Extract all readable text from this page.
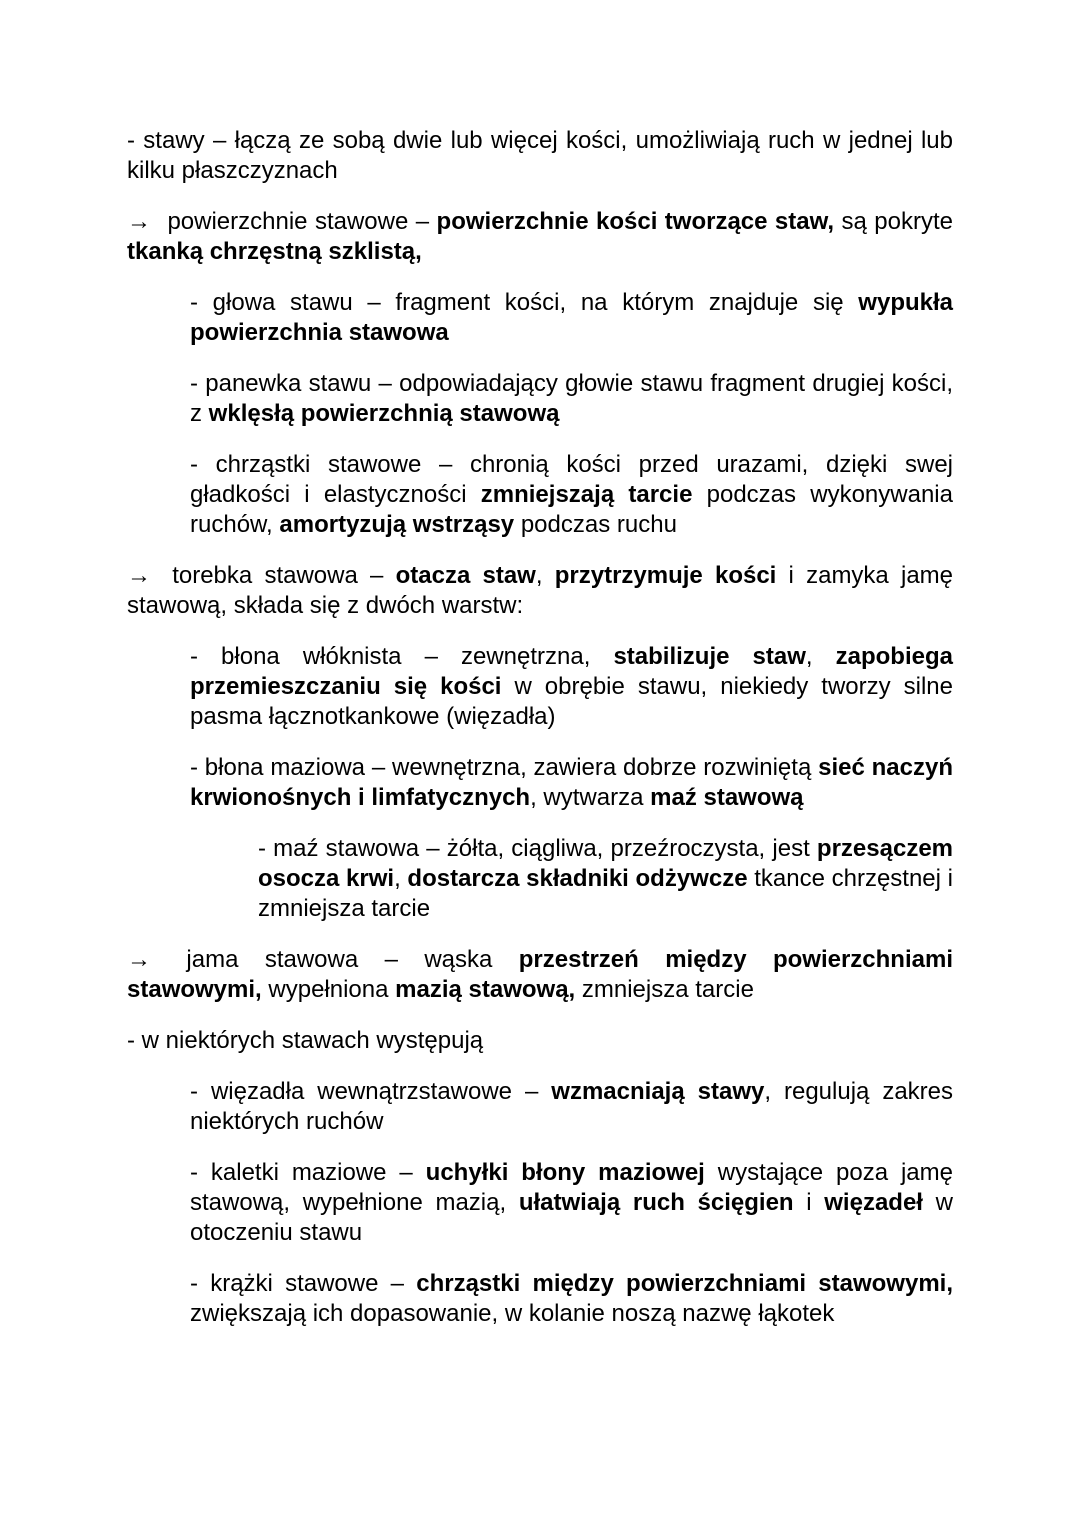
- stawy – łączą ze sobą dwie lub więcej kości, umożliwiają ruch w jednej lub kilku płaszczyznach

→ powierzchnie stawowe – powierzchnie kości tworzące staw, są pokryte tkanką chrzęstną szklistą,

- głowa stawu – fragment kości, na którym znajduje się wypukła powierzchnia stawowa

- panewka stawu – odpowiadający głowie stawu fragment drugiej kości, z wklęsłą powierzchnią stawową

- chrząstki stawowe – chronią kości przed urazami, dzięki swej gładkości i elastyczności zmniejszają tarcie podczas wykonywania ruchów, amortyzują wstrząsy podczas ruchu

→ torebka stawowa – otacza staw, przytrzymuje kości i zamyka jamę stawową, składa się z dwóch warstw:

- błona włóknista – zewnętrzna, stabilizuje staw, zapobiega przemieszczaniu się kości w obrębie stawu, niekiedy tworzy silne pasma łącznotkankowe (więzadła)

- błona maziowa – wewnętrzna, zawiera dobrze rozwiniętą sieć naczyń krwionośnych i limfatycznych, wytwarza maź stawową

- maź stawowa – żółta, ciągliwa, przeźroczysta, jest przesączem osocza krwi, dostarcza składniki odżywcze tkance chrzęstnej i zmniejsza tarcie

→ jama stawowa – wąska przestrzeń między powierzchniami stawowymi, wypełniona mazią stawową, zmniejsza tarcie

- w niektórych stawach występują

- więzadła wewnątrzstawowe – wzmacniają stawy, regulują zakres niektórych ruchów

- kaletki maziowe – uchyłki błony maziowej wystające poza jamę stawową, wypełnione mazią, ułatwiają ruch ścięgien i więzadeł w otoczeniu stawu

- krążki stawowe – chrząstki między powierzchniami stawowymi, zwiększają ich dopasowanie, w kolanie noszą nazwę łąkotek
